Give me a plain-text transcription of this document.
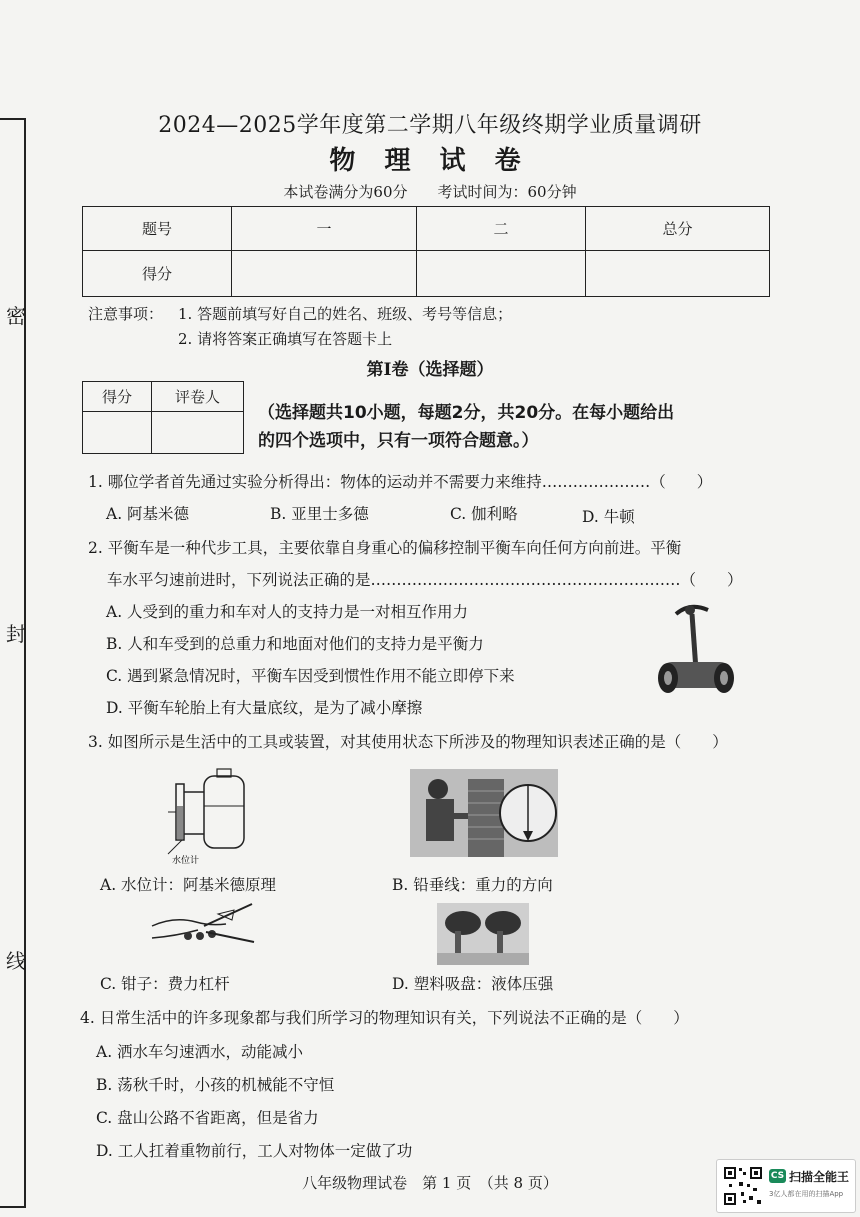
密
封
线
2024—2025学年度第二学期八年级终期学业质量调研
物 理 试 卷
本试卷满分为60分　　考试时间为：60分钟
题号	一	二	总分
得分			
注意事项： 1. 答题前填写好自己的姓名、班级、考号等信息；
2. 请将答案正确填写在答题卡上
第Ⅰ卷（选择题）
得分	评卷人

（选择题共10小题，每题2分，共20分。在每小题给出
的四个选项中，只有一项符合题意。）
1. 哪位学者首先通过实验分析得出：物体的运动并不需要力来维持…………………（　　）
A. 阿基米德	B. 亚里士多德	C. 伽利略	D. 牛顿
2. 平衡车是一种代步工具，主要依靠自身重心的偏移控制平衡车向任何方向前进。平衡
车水平匀速前进时，下列说法正确的是……………………………………………………（　　）
A. 人受到的重力和车对人的支持力是一对相互作用力
B. 人和车受到的总重力和地面对他们的支持力是平衡力
C. 遇到紧急情况时，平衡车因受到惯性作用不能立即停下来
D. 平衡车轮胎上有大量底纹，是为了减小摩擦
3. 如图所示是生活中的工具或装置，对其使用状态下所涉及的物理知识表述正确的是（　　）
水位计
A. 水位计：阿基米德原理	B. 铅垂线：重力的方向
C. 钳子：费力杠杆	D. 塑料吸盘：液体压强
4. 日常生活中的许多现象都与我们所学习的物理知识有关，下列说法不正确的是（　　）
A. 洒水车匀速洒水，动能减小
B. 荡秋千时，小孩的机械能不守恒
C. 盘山公路不省距离，但是省力
D. 工人扛着重物前行，工人对物体一定做了功
八年级物理试卷　第 1 页　（共 8 页）	CS 扫描全能王
3亿人都在用的扫描App
